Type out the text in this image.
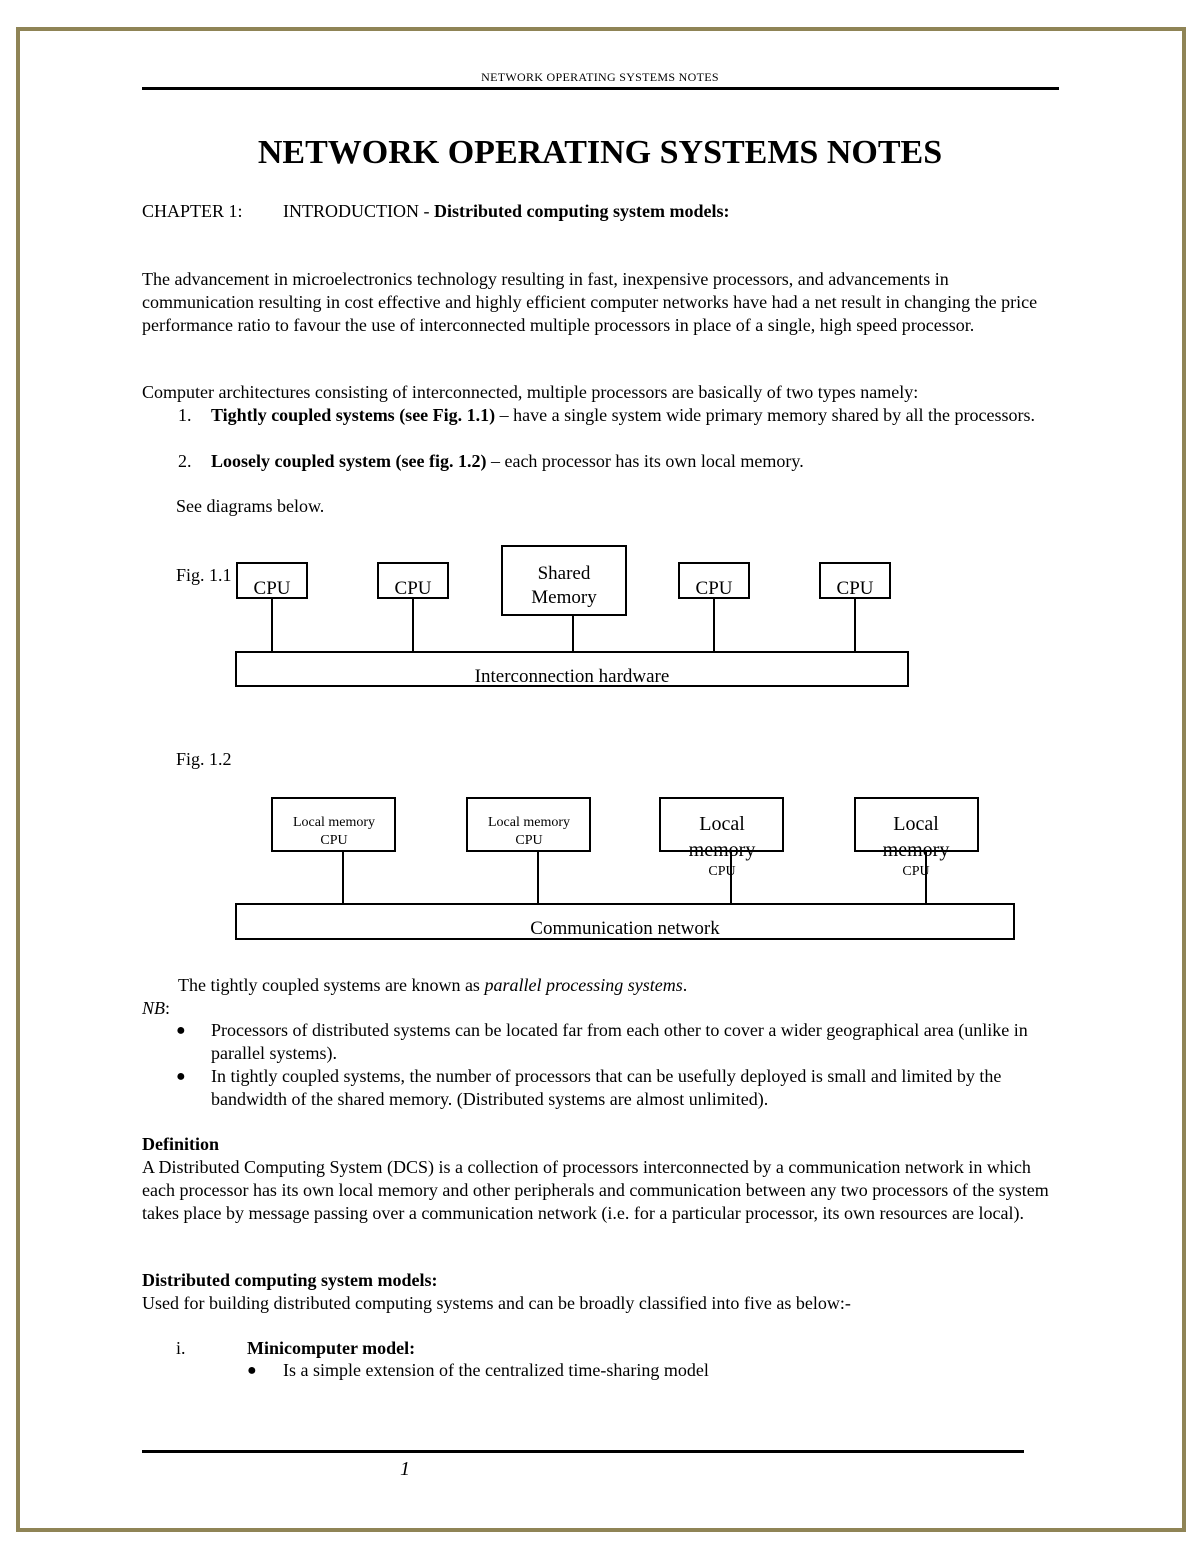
NETWORK OPERATING SYSTEMS NOTES
NETWORK OPERATING SYSTEMS NOTES
CHAPTER 1: INTRODUCTION - Distributed computing system models:
The advancement in microelectronics technology resulting in fast, inexpensive processors, and advancements in communication resulting in cost effective and highly efficient computer networks have had a net result in changing the price performance ratio to favour the use of interconnected multiple processors in place of a single, high speed processor.
Computer architectures consisting of interconnected, multiple processors are basically of two types namely:
1. Tightly coupled systems (see Fig. 1.1) – have a single system wide primary memory shared by all the processors.
2. Loosely coupled system (see fig. 1.2) – each processor has its own local memory.
See diagrams below.
Fig. 1.1
CPU	CPU
Shared
Memory	CPU	CPU
Interconnection hardware
Fig. 1.2
Local memory
CPU
Local memory
CPU
Local
memory
CPU
Local
memory
CPU
Communication network
The tightly coupled systems are known as parallel processing systems.
NB:
● Processors of distributed systems can be located far from each other to cover a wider geographical area (unlike in parallel systems).
● In tightly coupled systems, the number of processors that can be usefully deployed is small and limited by the bandwidth of the shared memory. (Distributed systems are almost unlimited).
Definition
A Distributed Computing System (DCS) is a collection of processors interconnected by a communication network in which each processor has its own local memory and other peripherals and communication between any two processors of the system takes place by message passing over a communication network (i.e. for a particular processor, its own resources are local).
Distributed computing system models:
Used for building distributed computing systems and can be broadly classified into five as below:-
i.	Minicomputer model:
● Is a simple extension of the centralized time-sharing model
1
